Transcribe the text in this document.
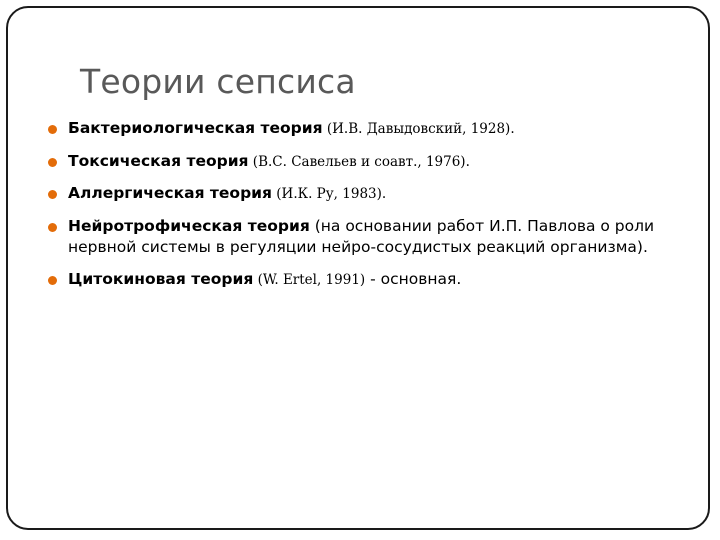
Теории сепсиса
Бактериологическая теория (И.В. Давыдовский, 1928).
Токсическая теория (В.С. Савельев и соавт., 1976).
Аллергическая теория (И.К. Ру, 1983).
Нейротрофическая теория (на основании работ И.П. Павлова о роли нервной системы в регуляции нейро-сосудистых реакций организма).
Цитокиновая теория (W. Ertel, 1991) - основная.
